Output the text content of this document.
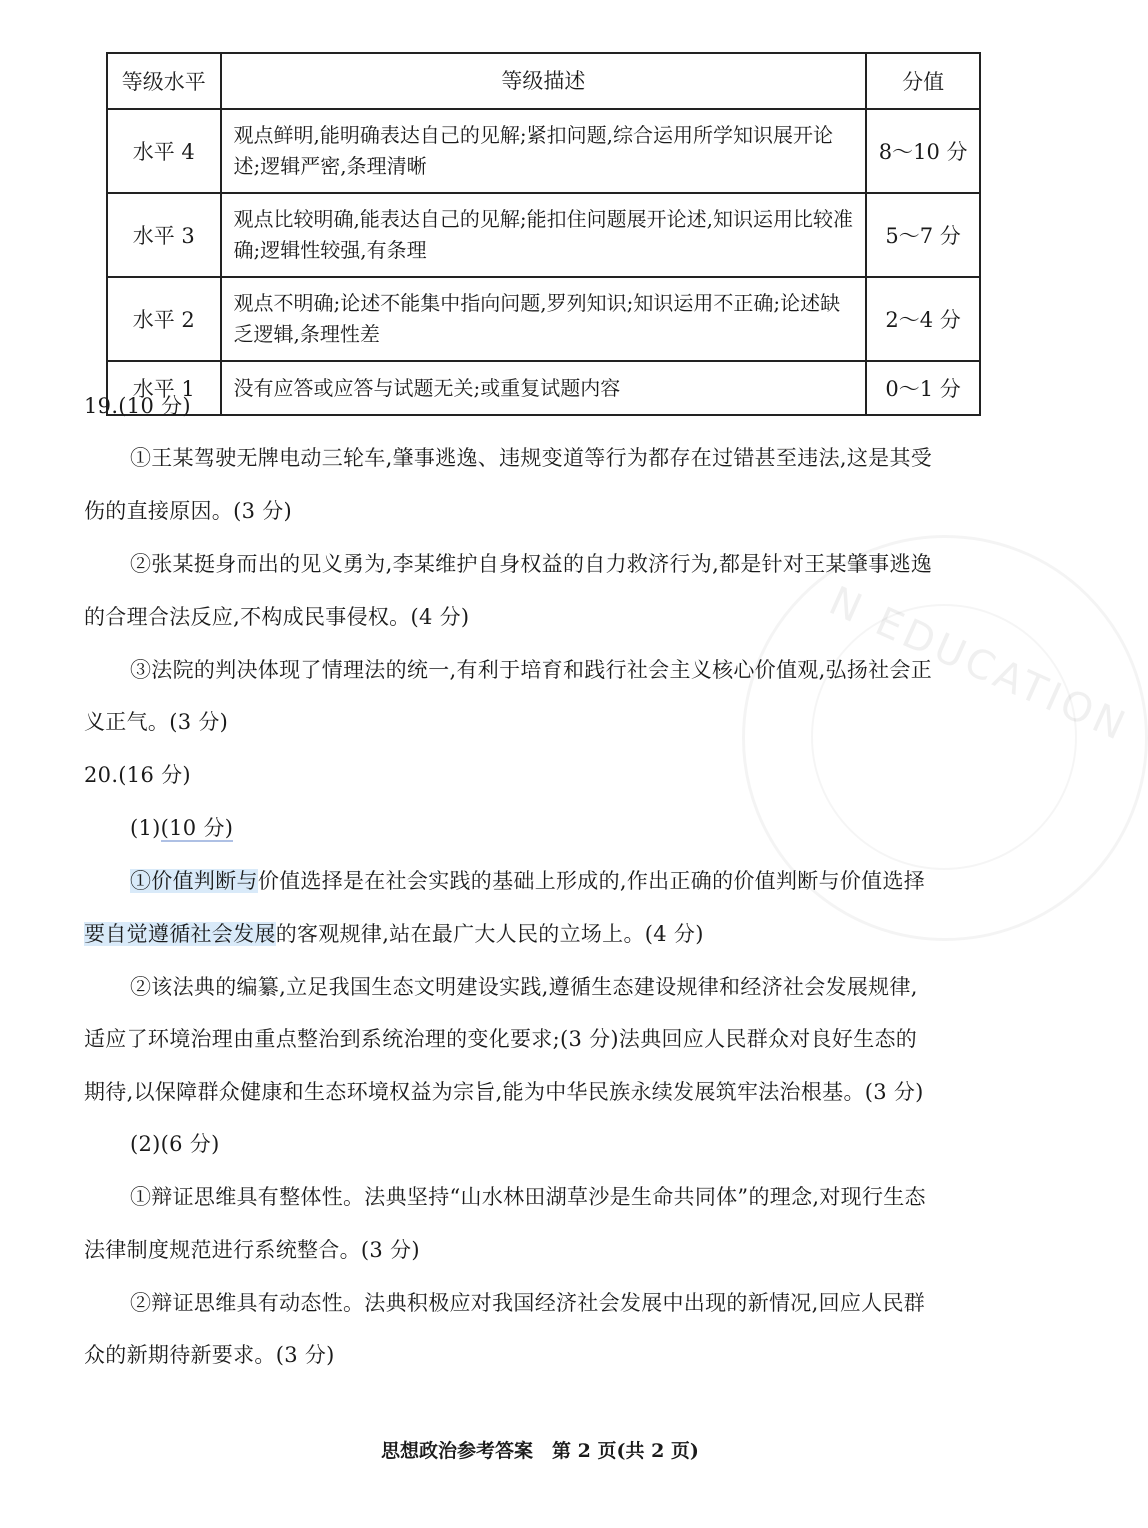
N EDUCATION
等级水平	等级描述	分值
水平 4	观点鲜明,能明确表达自己的见解;紧扣问题,综合运用所学知识展开论述;逻辑严密,条理清晰	8～10 分
水平 3	观点比较明确,能表达自己的见解;能扣住问题展开论述,知识运用比较准确;逻辑性较强,有条理	5～7 分
水平 2	观点不明确;论述不能集中指向问题,罗列知识;知识运用不正确;论述缺乏逻辑,条理性差	2～4 分
水平 1	没有应答或应答与试题无关;或重复试题内容	0～1 分
19.(10 分)
①王某驾驶无牌电动三轮车,肇事逃逸、违规变道等行为都存在过错甚至违法,这是其受
伤的直接原因。(3 分)
②张某挺身而出的见义勇为,李某维护自身权益的自力救济行为,都是针对王某肇事逃逸
的合理合法反应,不构成民事侵权。(4 分)
③法院的判决体现了情理法的统一,有利于培育和践行社会主义核心价值观,弘扬社会正
义正气。(3 分)
20.(16 分)
(1)(10 分)
①价值判断与价值选择是在社会实践的基础上形成的,作出正确的价值判断与价值选择
要自觉遵循社会发展的客观规律,站在最广大人民的立场上。(4 分)
②该法典的编纂,立足我国生态文明建设实践,遵循生态建设规律和经济社会发展规律,
适应了环境治理由重点整治到系统治理的变化要求;(3 分)法典回应人民群众对良好生态的
期待,以保障群众健康和生态环境权益为宗旨,能为中华民族永续发展筑牢法治根基。(3 分)
(2)(6 分)
①辩证思维具有整体性。法典坚持“山水林田湖草沙是生命共同体”的理念,对现行生态
法律制度规范进行系统整合。(3 分)
②辩证思维具有动态性。法典积极应对我国经济社会发展中出现的新情况,回应人民群
众的新期待新要求。(3 分)
思想政治参考答案　第 2 页(共 2 页)
